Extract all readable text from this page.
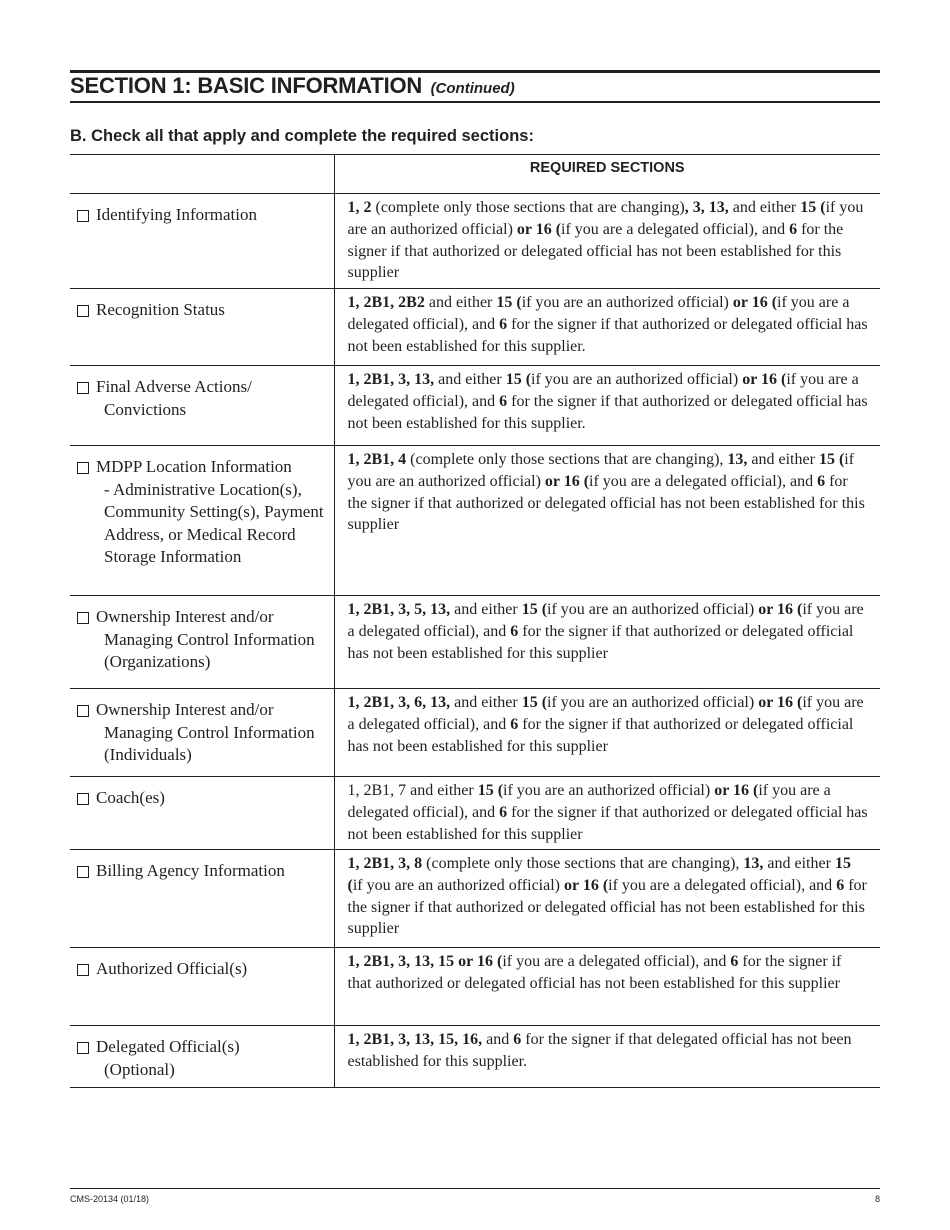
SECTION 1: BASIC INFORMATION (Continued)
B. Check all that apply and complete the required sections:
	REQUIRED SECTIONS

Identifying Information	1, 2 (complete only those sections that are changing), 3, 13, and either 15 (if you are an authorized official) or 16 (if you are a delegated official), and 6 for the signer if that authorized or delegated official has not been established for this supplier

Recognition Status	1, 2B1, 2B2 and either 15 (if you are an authorized official) or 16 (if you are a delegated official), and 6 for the signer if that authorized or delegated official has not been established for this supplier.

Final Adverse Actions/
Convictions	1, 2B1, 3, 13, and either 15 (if you are an authorized official) or 16 (if you are a delegated official), and 6 for the signer if that authorized or delegated official has not been established for this supplier.

MDPP Location Information
- Administrative Location(s), Community Setting(s), Payment Address, or Medical Record Storage Information	1, 2B1, 4 (complete only those sections that are changing), 13, and either 15 (if you are an authorized official) or 16 (if you are a delegated official), and 6 for the signer if that authorized or delegated official has not been established for this supplier

Ownership Interest and/or
Managing Control Information (Organizations)	1, 2B1, 3, 5, 13, and either 15 (if you are an authorized official) or 16 (if you are a delegated official), and 6 for the signer if that authorized or delegated official has not been established for this supplier

Ownership Interest and/or
Managing Control Information (Individuals)	1, 2B1, 3, 6, 13, and either 15 (if you are an authorized official) or 16 (if you are a delegated official), and 6 for the signer if that authorized or delegated official has not been established for this supplier

Coach(es)	1, 2B1, 7 and either 15 (if you are an authorized official) or 16 (if you are a delegated official), and 6 for the signer if that authorized or delegated official has not been established for this supplier

Billing Agency Information	1, 2B1, 3, 8 (complete only those sections that are changing), 13, and either 15 (if you are an authorized official) or 16 (if you are a delegated official), and 6 for the signer if that authorized or delegated official has not been established for this supplier

Authorized Official(s)	1, 2B1, 3, 13, 15 or 16 (if you are a delegated official), and 6 for the signer if that authorized or delegated official has not been established for this supplier

Delegated Official(s)
(Optional)	1, 2B1, 3, 13, 15, 16, and 6 for the signer if that delegated official has not been established for this supplier.
CMS-20134 (01/18)	8
